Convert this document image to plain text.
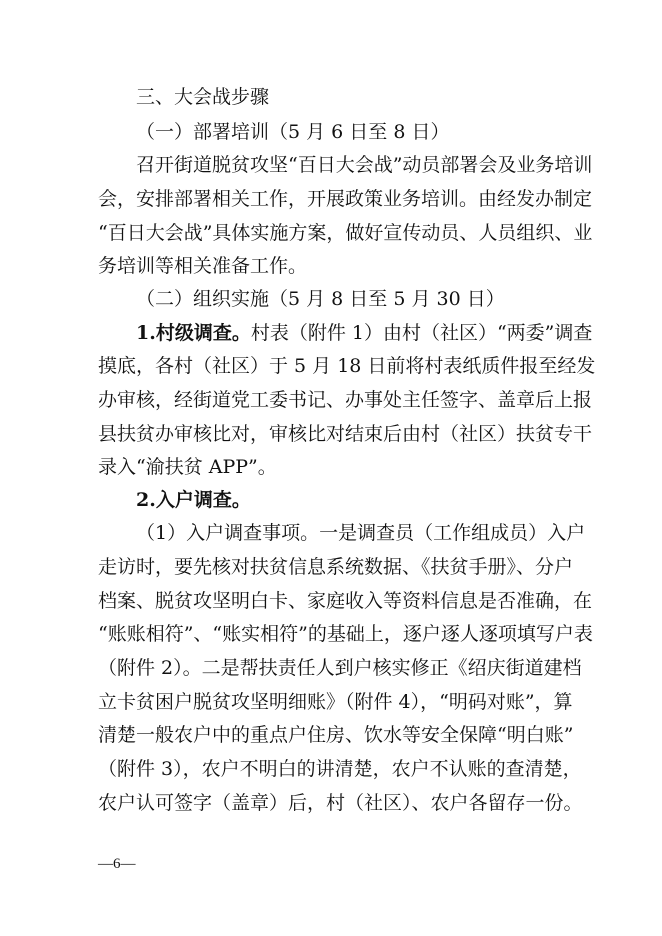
三、大会战步骤
（一）部署培训（5 月 6 日至 8 日）
召开街道脱贫攻坚“百日大会战”动员部署会及业务培训
会，安排部署相关工作，开展政策业务培训。由经发办制定
“百日大会战”具体实施方案，做好宣传动员、人员组织、业
务培训等相关准备工作。
（二）组织实施（5 月 8 日至 5 月 30 日）
1.村级调查。村表（附件 1）由村（社区）“两委”调查
摸底，各村（社区）于 5 月 18 日前将村表纸质件报至经发
办审核，经街道党工委书记、办事处主任签字、盖章后上报
县扶贫办审核比对，审核比对结束后由村（社区）扶贫专干
录入“渝扶贫 APP”。
2.入户调查。
（1）入户调查事项。一是调查员（工作组成员）入户
走访时，要先核对扶贫信息系统数据、《扶贫手册》、分户
档案、脱贫攻坚明白卡、家庭收入等资料信息是否准确，在
“账账相符”、“账实相符”的基础上，逐户逐人逐项填写户表
（附件 2）。二是帮扶责任人到户核实修正《绍庆街道建档
立卡贫困户脱贫攻坚明细账》（附件 4），“明码对账”，算
清楚一般农户中的重点户住房、饮水等安全保障“明白账”
（附件 3），农户不明白的讲清楚，农户不认账的查清楚，
农户认可签字（盖章）后，村（社区）、农户各留存一份。
—6—
